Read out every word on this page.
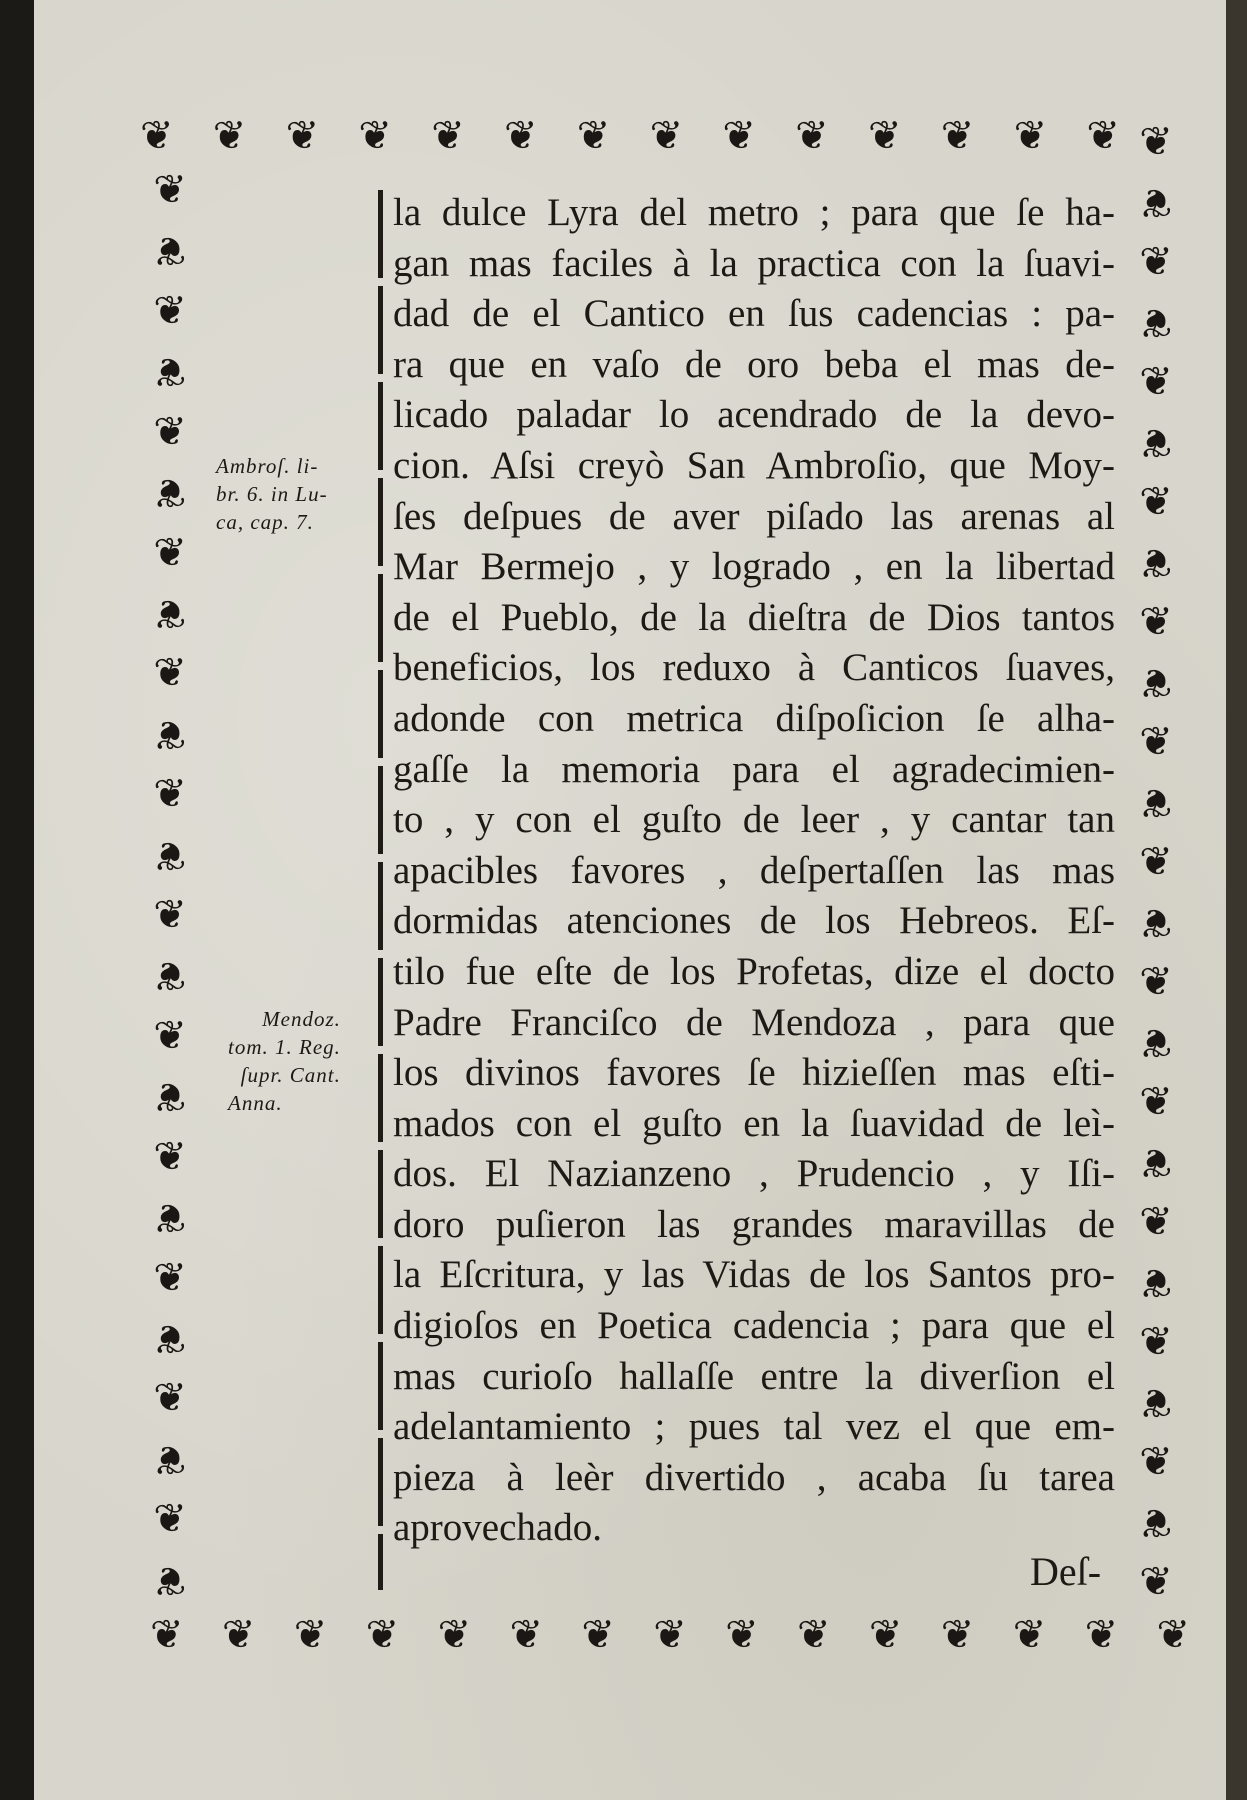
❦ ❦ ❦ ❦ ❦ ❦ ❦ ❦ ❦ ❦ ❦ ❦ ❦ ❦
❦ ❦ ❦ ❦ ❦ ❦ ❦ ❦ ❦ ❦ ❦ ❦ ❦ ❦ ❦
❦
❦
❦
❦
❦
❦
❦
❦
❦
❦
❦
❦
❦
❦
❦
❦
❦
❦
❦
❦
❦
❦
❦
❦
❦
❦
❦
❦
❦
❦
❦
❦
❦
❦
❦
❦
❦
❦
❦
❦
❦
❦
❦
❦
❦
❦
❦
❦
❦
Ambroſ. li-
br. 6. in Lu-
ca, cap. 7.
Mendoz.
tom. 1. Reg.
ſupr. Cant.
Anna.
la dulce Lyra del metro ; para que ſe ha-
gan mas faciles à la practica con la ſuavi-
dad de el Cantico en ſus cadencias : pa-
ra que en vaſo de oro beba el mas de-
licado paladar lo acendrado de la devo-
cion. Aſsi creyò San Ambroſio, que Moy-
ſes deſpues de aver piſado las arenas al
Mar Bermejo , y logrado , en la libertad
de el Pueblo, de la dieſtra de Dios tantos
beneficios, los reduxo à Canticos ſuaves,
adonde con metrica diſpoſicion ſe alha-
gaſſe la memoria para el agradecimien-
to , y con el guſto de leer , y cantar tan
apacibles favores , deſpertaſſen las mas
dormidas atenciones de los Hebreos. Eſ-
tilo fue eſte de los Profetas, dize el docto
Padre Franciſco de Mendoza , para que
los divinos favores ſe hizieſſen mas eſti-
mados con el guſto en la ſuavidad de leì-
dos. El Nazianzeno , Prudencio , y Iſi-
doro puſieron las grandes maravillas de
la Eſcritura, y las Vidas de los Santos pro-
digioſos en Poetica cadencia ; para que el
mas curioſo hallaſſe entre la diverſion el
adelantamiento ; pues tal vez el que em-
pieza à leèr divertido , acaba ſu tarea
aprovechado.
Deſ-
